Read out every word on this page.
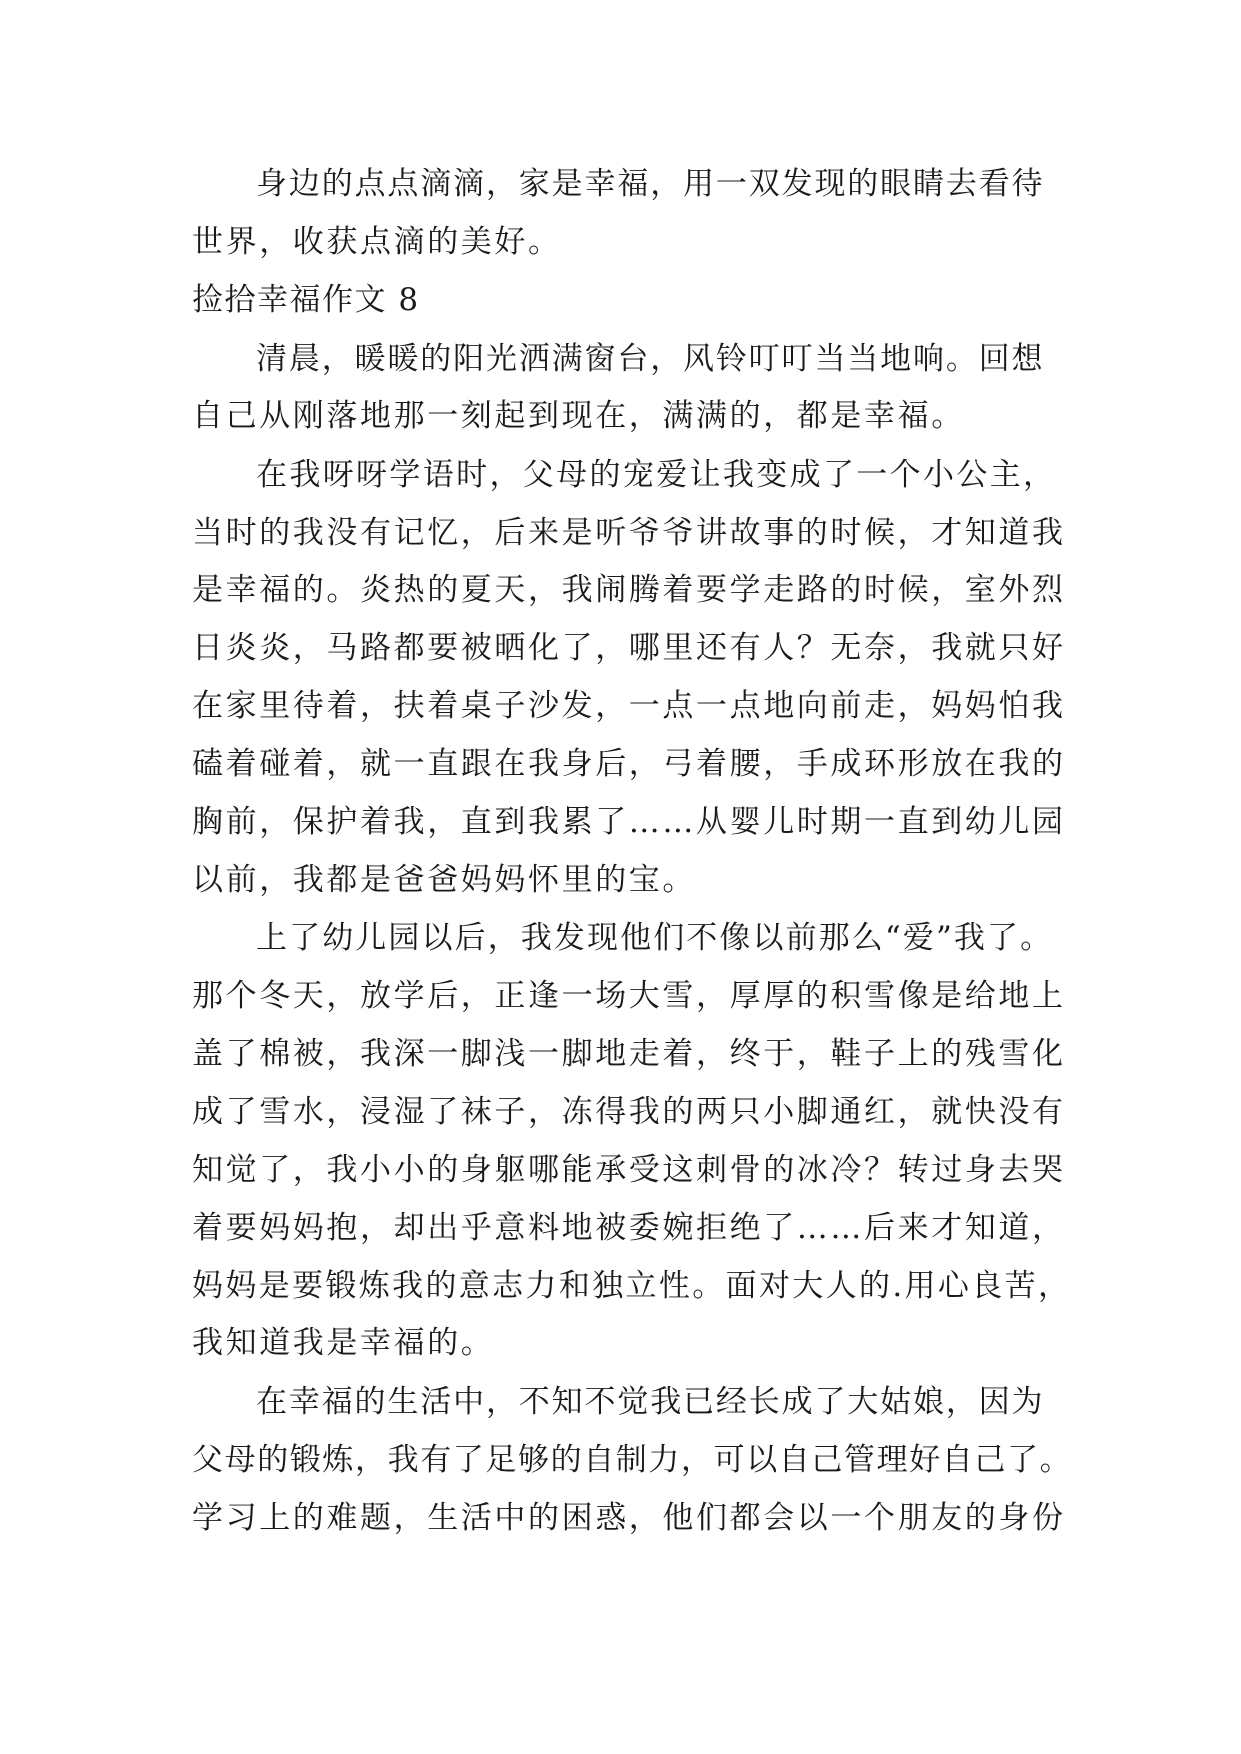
身边的点点滴滴，家是幸福，用一双发现的眼睛去看待
世界，收获点滴的美好。
捡拾幸福作文 8
清晨，暖暖的阳光洒满窗台，风铃叮叮当当地响。回想
自己从刚落地那一刻起到现在，满满的，都是幸福。
在我呀呀学语时，父母的宠爱让我变成了一个小公主，
当时的我没有记忆，后来是听爷爷讲故事的时候，才知道我
是幸福的。炎热的夏天，我闹腾着要学走路的时候，室外烈
日炎炎，马路都要被晒化了，哪里还有人？无奈，我就只好
在家里待着，扶着桌子沙发，一点一点地向前走，妈妈怕我
磕着碰着，就一直跟在我身后，弓着腰，手成环形放在我的
胸前，保护着我，直到我累了……从婴儿时期一直到幼儿园
以前，我都是爸爸妈妈怀里的宝。
上了幼儿园以后，我发现他们不像以前那么“爱”我了。
那个冬天，放学后，正逢一场大雪，厚厚的积雪像是给地上
盖了棉被，我深一脚浅一脚地走着，终于，鞋子上的残雪化
成了雪水，浸湿了袜子，冻得我的两只小脚通红，就快没有
知觉了，我小小的身躯哪能承受这刺骨的冰冷？转过身去哭
着要妈妈抱，却出乎意料地被委婉拒绝了……后来才知道，
妈妈是要锻炼我的意志力和独立性。面对大人的.用心良苦，
我知道我是幸福的。
在幸福的生活中，不知不觉我已经长成了大姑娘，因为
父母的锻炼，我有了足够的自制力，可以自己管理好自己了。
学习上的难题，生活中的困惑，他们都会以一个朋友的身份
